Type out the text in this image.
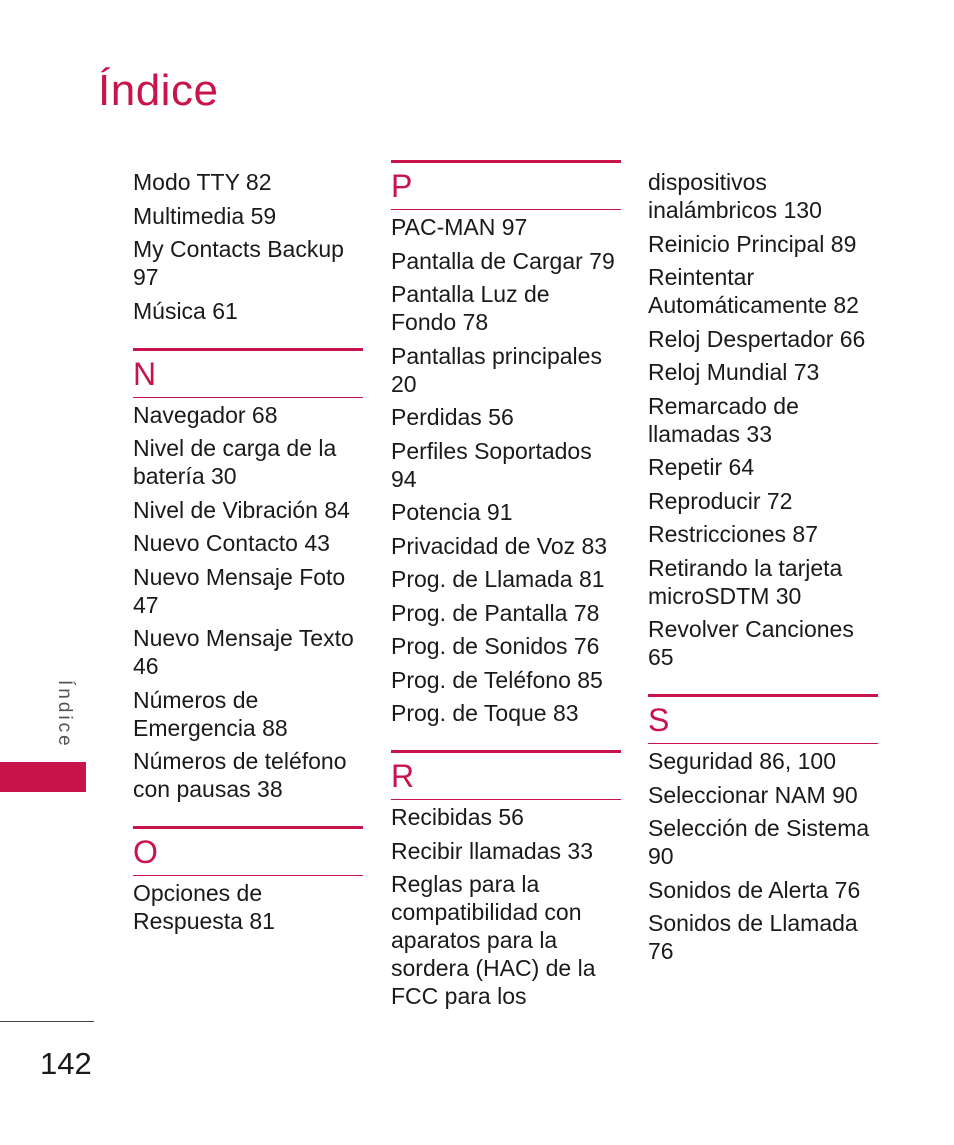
Índice
Modo TTY 82
Multimedia 59
My Contacts Backup 97
Música 61
N
Navegador 68
Nivel de carga de la batería 30
Nivel de Vibración 84
Nuevo Contacto 43
Nuevo Mensaje Foto 47
Nuevo Mensaje Texto 46
Números de Emergencia 88
Números de teléfono con pausas 38
O
Opciones de Respuesta 81
P
PAC-MAN 97
Pantalla de Cargar 79
Pantalla Luz de Fondo 78
Pantallas principales 20
Perdidas 56
Perfiles Soportados 94
Potencia 91
Privacidad de Voz 83
Prog. de Llamada 81
Prog. de Pantalla 78
Prog. de Sonidos 76
Prog. de Teléfono 85
Prog. de Toque 83
R
Recibidas 56
Recibir llamadas 33
Reglas para la compatibilidad con aparatos para la sordera (HAC) de la FCC para los
dispositivos inalámbricos 130
Reinicio Principal 89
Reintentar Automáticamente 82
Reloj Despertador 66
Reloj Mundial 73
Remarcado de llamadas 33
Repetir 64
Reproducir 72
Restricciones 87
Retirando la tarjeta microSDTM 30
Revolver Canciones 65
S
Seguridad 86, 100
Seleccionar NAM 90
Selección de Sistema 90
Sonidos de Alerta 76
Sonidos de Llamada 76
Índice
142
